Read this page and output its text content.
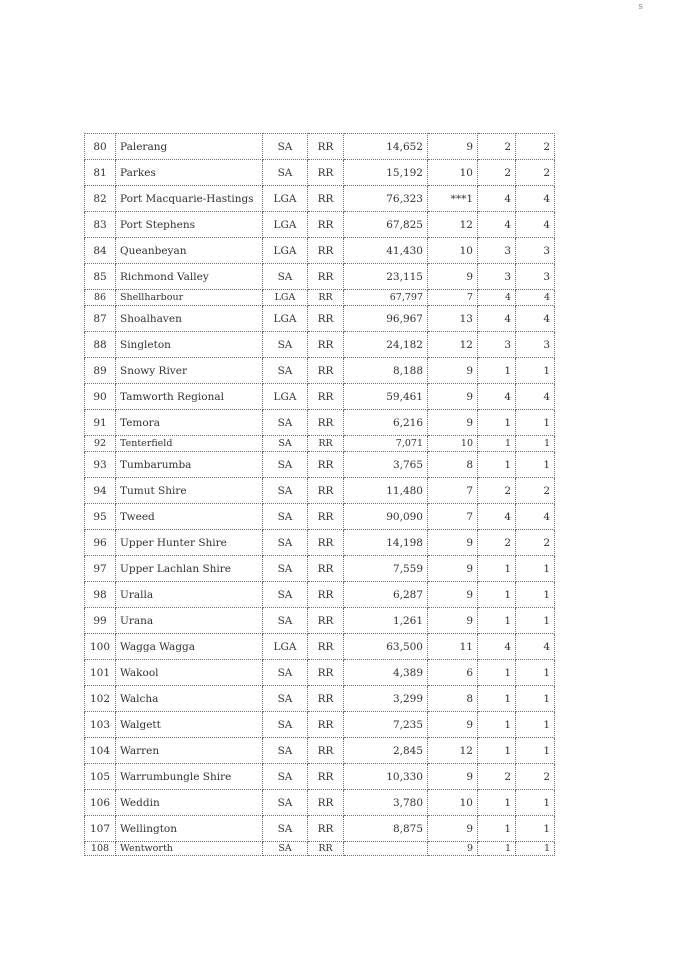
s
80	Palerang	SA	RR	14,652	9	2	2
81	Parkes	SA	RR	15,192	10	2	2
82	Port Macquarie-Hastings	LGA	RR	76,323	***1	4	4
83	Port Stephens	LGA	RR	67,825	12	4	4
84	Queanbeyan	LGA	RR	41,430	10	3	3
85	Richmond Valley	SA	RR	23,115	9	3	3
86	Shellharbour	LGA	RR	67,797	7	4	4
87	Shoalhaven	LGA	RR	96,967	13	4	4
88	Singleton	SA	RR	24,182	12	3	3
89	Snowy River	SA	RR	8,188	9	1	1
90	Tamworth Regional	LGA	RR	59,461	9	4	4
91	Temora	SA	RR	6,216	9	1	1
92	Tenterfield	SA	RR	7,071	10	1	1
93	Tumbarumba	SA	RR	3,765	8	1	1
94	Tumut Shire	SA	RR	11,480	7	2	2
95	Tweed	SA	RR	90,090	7	4	4
96	Upper Hunter Shire	SA	RR	14,198	9	2	2
97	Upper Lachlan Shire	SA	RR	7,559	9	1	1
98	Uralla	SA	RR	6,287	9	1	1
99	Urana	SA	RR	1,261	9	1	1
100	Wagga Wagga	LGA	RR	63,500	11	4	4
101	Wakool	SA	RR	4,389	6	1	1
102	Walcha	SA	RR	3,299	8	1	1
103	Walgett	SA	RR	7,235	9	1	1
104	Warren	SA	RR	2,845	12	1	1
105	Warrumbungle Shire	SA	RR	10,330	9	2	2
106	Weddin	SA	RR	3,780	10	1	1
107	Wellington	SA	RR	8,875	9	1	1
108	Wentworth	SA	RR		9	1	1
